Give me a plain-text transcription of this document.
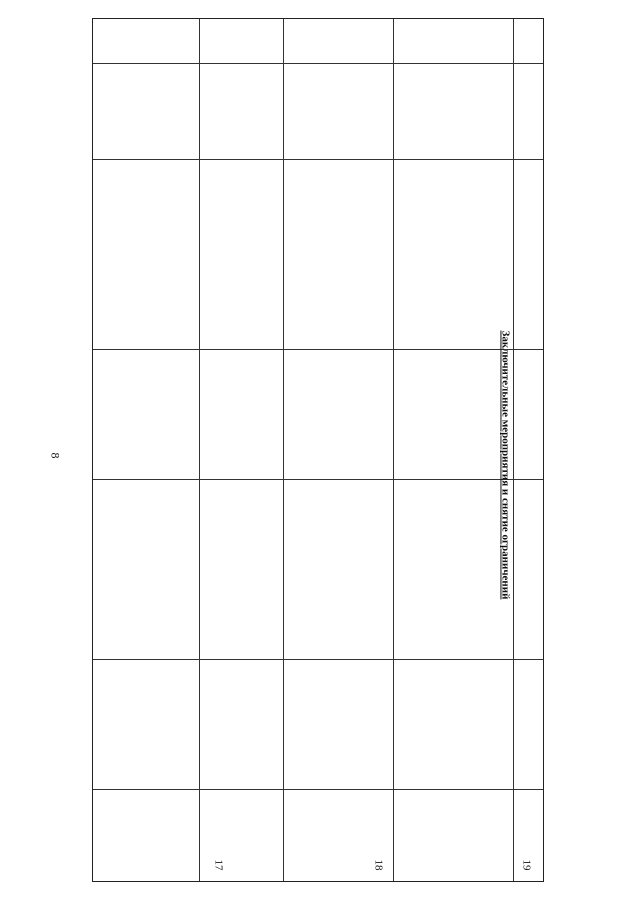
8
17	18	19
Заключительные мероприятия и снятие ограничений
